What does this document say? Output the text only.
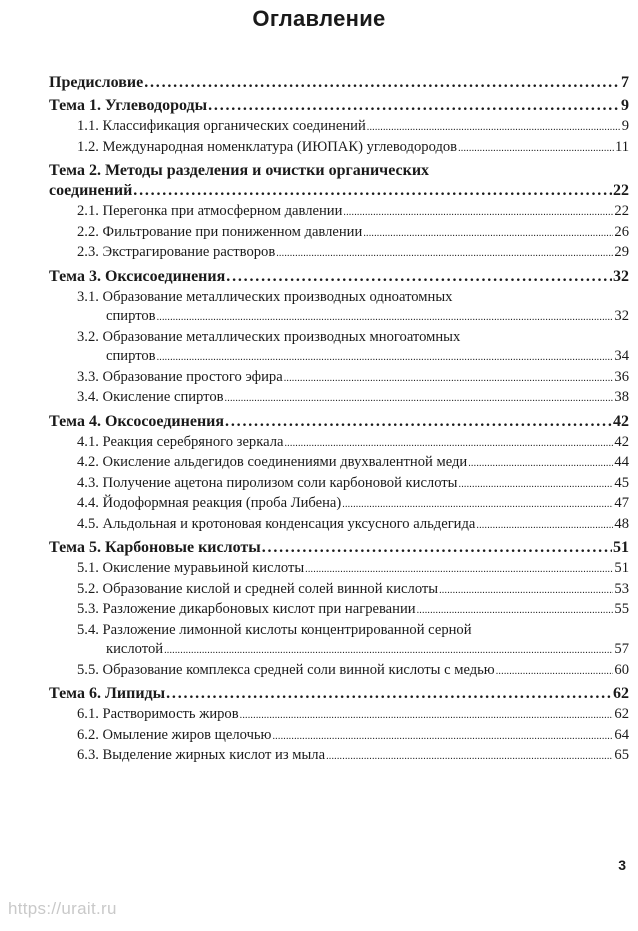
Оглавление
Предисловие .....	7
Тема 1. Углеводороды .....	9
1.1. Классификация органических соединений .....	9
1.2. Международная номенклатура (ИЮПАК) углеводородов .....	11
Тема 2. Методы разделения и очистки органических
соединений .....	22
2.1. Перегонка при атмосферном давлении .....	22
2.2. Фильтрование при пониженном давлении .....	26
2.3. Экстрагирование растворов .....	29
Тема 3. Оксисоединения .....	32
3.1. Образование металлических производных одноатомных
спиртов .....	32
3.2. Образование металлических производных многоатомных
спиртов .....	34
3.3. Образование простого эфира .....	36
3.4. Окисление спиртов .....	38
Тема 4. Оксосоединения .....	42
4.1. Реакция серебряного зеркала .....	42
4.2. Окисление альдегидов соединениями двухвалентной меди .....	44
4.3. Получение ацетона пиролизом соли карбоновой кислоты .....	45
4.4. Йодоформная реакция (проба Либена) .....	47
4.5. Альдольная и кротоновая конденсация уксусного альдегида .....	48
Тема 5. Карбоновые кислоты .....	51
5.1. Окисление муравьиной кислоты .....	51
5.2. Образование кислой и средней солей винной кислоты .....	53
5.3. Разложение дикарбоновых кислот при нагревании .....	55
5.4. Разложение лимонной кислоты концентрированной серной
кислотой .....	57
5.5. Образование комплекса средней соли винной кислоты с медью .....	60
Тема 6. Липиды .....	62
6.1. Растворимость жиров .....	62
6.2. Омыление жиров щелочью .....	64
6.3. Выделение жирных кислот из мыла .....	65
3
https://urait.ru
